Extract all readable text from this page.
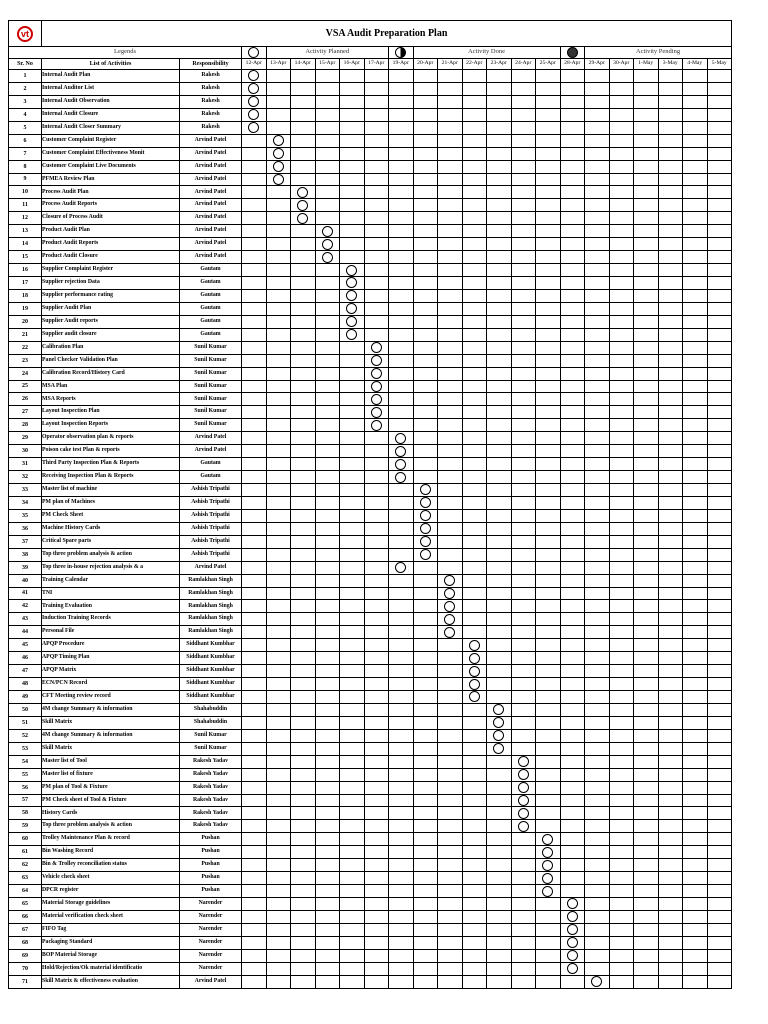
vt	VSA Audit Preparation Plan																					
Legends				Activity Planned						Activity Done							Activity Pending					
Sr. No	List of Activities	Responsibility	12-Apr	13-Apr	14-Apr	15-Apr	16-Apr	17-Apr	19-Apr	20-Apr	21-Apr	22-Apr	23-Apr	24-Apr	25-Apr	28-Apr	29-Apr	30-Apr	1-May	3-May	4-May	5-May
1	Internal Audit Plan	Rakesh	

2	Internal Auditor List	Rakesh	

3	Internal Audit Observation	Rakesh	

4	Internal Audit Closure	Rakesh	

5	Internal Audit Closer Summary	Rakesh	

6	Customer Complaint Register	Arvind Patel		

7	Customer Complaint Effectiveness Monit	Arvind Patel		

8	Customer Complaint Live Documents	Arvind Patel		

9	PFMEA Review Plan	Arvind Patel		

10	Process Audit Plan	Arvind Patel			

11	Process Audit Reports	Arvind Patel			

12	Closure of Process Audit	Arvind Patel			

13	Product Audit Plan	Arvind Patel				

14	Product Audit Reports	Arvind Patel				

15	Product Audit Closure	Arvind Patel				

16	Supplier Complaint Register	Gautam					

17	Supplier rejection Data	Gautam					

18	Supplier performance rating	Gautam					

19	Supplier Audit Plan	Gautam					

20	Supplier Audit reports	Gautam					

21	Supplier audit closure	Gautam					

22	Calibration Plan	Sunil Kumar						

23	Panel Checker Validation Plan	Sunil Kumar						

24	Calibration Record/History Card	Sunil Kumar						

25	MSA Plan	Sunil Kumar						

26	MSA Reports	Sunil Kumar						

27	Layout Inspection Plan	Sunil Kumar						

28	Layout Inspection Reports	Sunil Kumar						

29	Operator observation plan & reports	Arvind Patel							

30	Poison cake test Plan & reports	Arvind Patel							

31	Third Party Inspection Plan & Reports	Gautam							

32	Receiving Inspection Plan & Reports	Gautam							

33	Master list of machine	Ashish Tripathi								

34	PM plan of Machines	Ashish Tripathi								

35	PM Check Sheet	Ashish Tripathi								

36	Machine History Cards	Ashish Tripathi								

37	Critical Spare parts	Ashish Tripathi								

38	Top three problem analysis & action	Ashish Tripathi								

39	Top three in-house rejection analysis & a	Arvind Patel							

40	Training Calendar	Ramlakhan Singh									

41	TNI	Ramlakhan Singh									

42	Training Evaluation	Ramlakhan Singh									

43	Induction Training Records	Ramlakhan Singh									

44	Personal File	Ramlakhan Singh									

45	APQP Procedure	Siddhant Kumbhar										

46	APQP Timing Plan	Siddhant Kumbhar										

47	APQP Matrix	Siddhant Kumbhar										

48	ECN/PCN Record	Siddhant Kumbhar										

49	CFT Meeting review record	Siddhant Kumbhar										

50	4M change Summary & information	Shahabuddin											

51	Skill Matrix	Shahabuddin											

52	4M change Summary & information	Sunil Kumar											

53	Skill Matrix	Sunil Kumar											

54	Master list of Tool	Rakesh Yadav												

55	Master list of fixture	Rakesh Yadav												

56	PM plan of Tool & Fixture	Rakesh Yadav												

57	PM Check sheet of Tool & Fixture	Rakesh Yadav												

58	History Cards	Rakesh Yadav												

59	Top three problem analysis & action	Rakesh Yadav												

60	Trolley Maintenance Plan & record	Pushan													

61	Bin Washing Record	Pushan													

62	Bin & Trolley reconciliation status	Pushan													

63	Vehicle check sheet	Pushan													

64	DPCR register	Pushan													

65	Material Storage guidelines	Narender														

66	Material verification check sheet	Narender														

67	FIFO Tag	Narender														

68	Packaging Standard	Narender														

69	BOP Material Storage	Narender														

70	Hold/Rejection/Ok material identificatio	Narender														

71	Skill Matrix & effectiveness evaluation	Arvind Patel															
